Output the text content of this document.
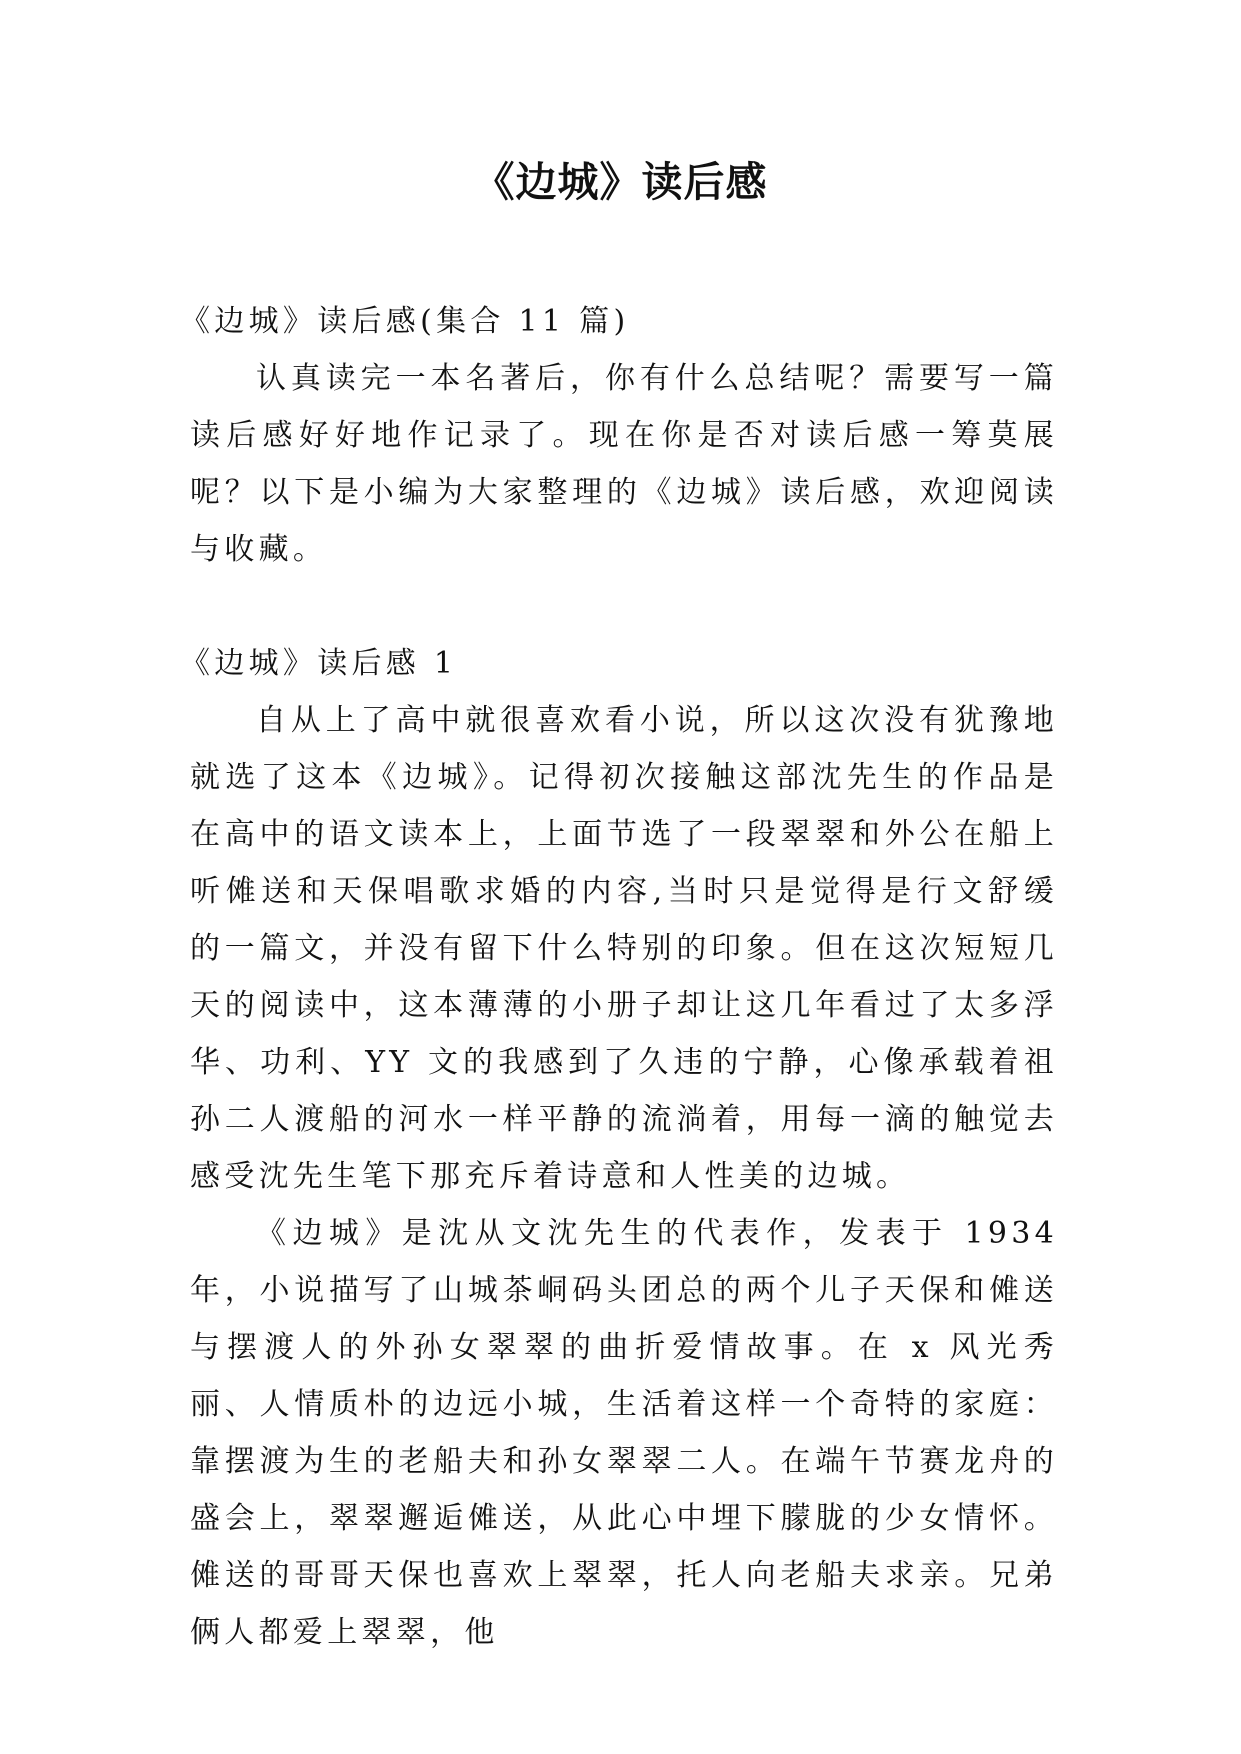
《边城》读后感

《边城》读后感(集合 11 篇)

认真读完一本名著后，你有什么总结呢？需要写一篇读后感好好地作记录了。现在你是否对读后感一筹莫展呢？以下是小编为大家整理的《边城》读后感，欢迎阅读与收藏。

《边城》读后感 1

自从上了高中就很喜欢看小说，所以这次没有犹豫地就选了这本《边城》。记得初次接触这部沈先生的作品是在高中的语文读本上，上面节选了一段翠翠和外公在船上听傩送和天保唱歌求婚的内容,当时只是觉得是行文舒缓的一篇文，并没有留下什么特别的印象。但在这次短短几天的阅读中，这本薄薄的小册子却让这几年看过了太多浮华、功利、YY 文的我感到了久违的宁静，心像承载着祖孙二人渡船的河水一样平静的流淌着，用每一滴的触觉去感受沈先生笔下那充斥着诗意和人性美的边城。

《边城》是沈从文沈先生的代表作，发表于 1934 年，小说描写了山城茶峒码头团总的两个儿子天保和傩送与摆渡人的外孙女翠翠的曲折爱情故事。在 x 风光秀丽、人情质朴的边远小城，生活着这样一个奇特的家庭：靠摆渡为生的老船夫和孙女翠翠二人。在端午节赛龙舟的盛会上，翠翠邂逅傩送，从此心中埋下朦胧的少女情怀。傩送的哥哥天保也喜欢上翠翠，托人向老船夫求亲。兄弟俩人都爱上翠翠，他
